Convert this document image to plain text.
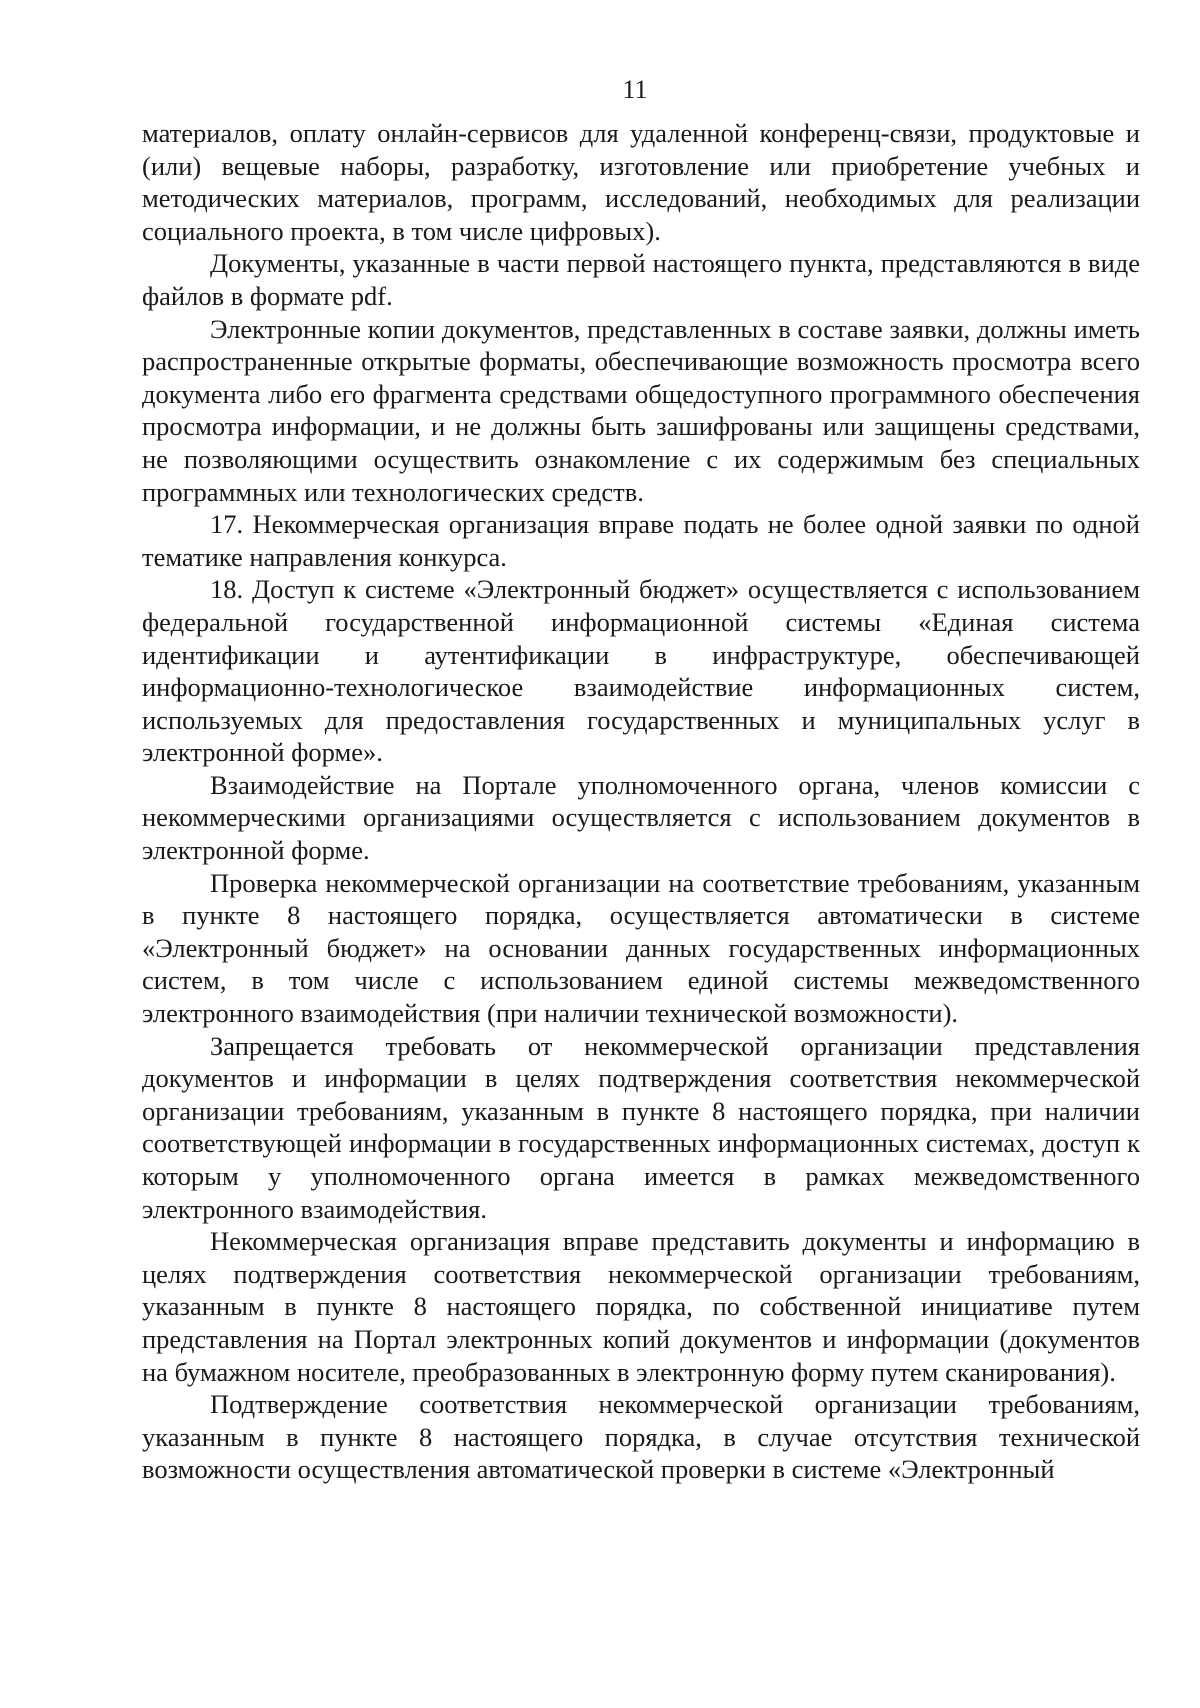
11

материалов, оплату онлайн-сервисов для удаленной конференц-связи, продуктовые и (или) вещевые наборы, разработку, изготовление или приобретение учебных и методических материалов, программ, исследований, необходимых для реализации социального проекта, в том числе цифровых).

Документы, указанные в части первой настоящего пункта, представляются в виде файлов в формате pdf.

Электронные копии документов, представленных в составе заявки, должны иметь распространенные открытые форматы, обеспечивающие возможность просмотра всего документа либо его фрагмента средствами общедоступного программного обеспечения просмотра информации, и не должны быть зашифрованы или защищены средствами, не позволяющими осуществить ознакомление с их содержимым без специальных программных или технологических средств.

17. Некоммерческая организация вправе подать не более одной заявки по одной тематике направления конкурса.

18. Доступ к системе «Электронный бюджет» осуществляется с использованием федеральной государственной информационной системы «Единая система идентификации и аутентификации в инфраструктуре, обеспечивающей информационно-технологическое взаимодействие информационных систем, используемых для предоставления государственных и муниципальных услуг в электронной форме».

Взаимодействие на Портале уполномоченного органа, членов комиссии с некоммерческими организациями осуществляется с использованием документов в электронной форме.

Проверка некоммерческой организации на соответствие требованиям, указанным в пункте 8 настоящего порядка, осуществляется автоматически в системе «Электронный бюджет» на основании данных государственных информационных систем, в том числе с использованием единой системы межведомственного электронного взаимодействия (при наличии технической возможности).

Запрещается требовать от некоммерческой организации представления документов и информации в целях подтверждения соответствия некоммерческой организации требованиям, указанным в пункте 8 настоящего порядка, при наличии соответствующей информации в государственных информационных системах, доступ к которым у уполномоченного органа имеется в рамках межведомственного электронного взаимодействия.

Некоммерческая организация вправе представить документы и информацию в целях подтверждения соответствия некоммерческой организации требованиям, указанным в пункте 8 настоящего порядка, по собственной инициативе путем представления на Портал электронных копий документов и информации (документов на бумажном носителе, преобразованных в электронную форму путем сканирования).

Подтверждение соответствия некоммерческой организации требованиям, указанным в пункте 8 настоящего порядка, в случае отсутствия технической возможности осуществления автоматической проверки в системе «Электронный
